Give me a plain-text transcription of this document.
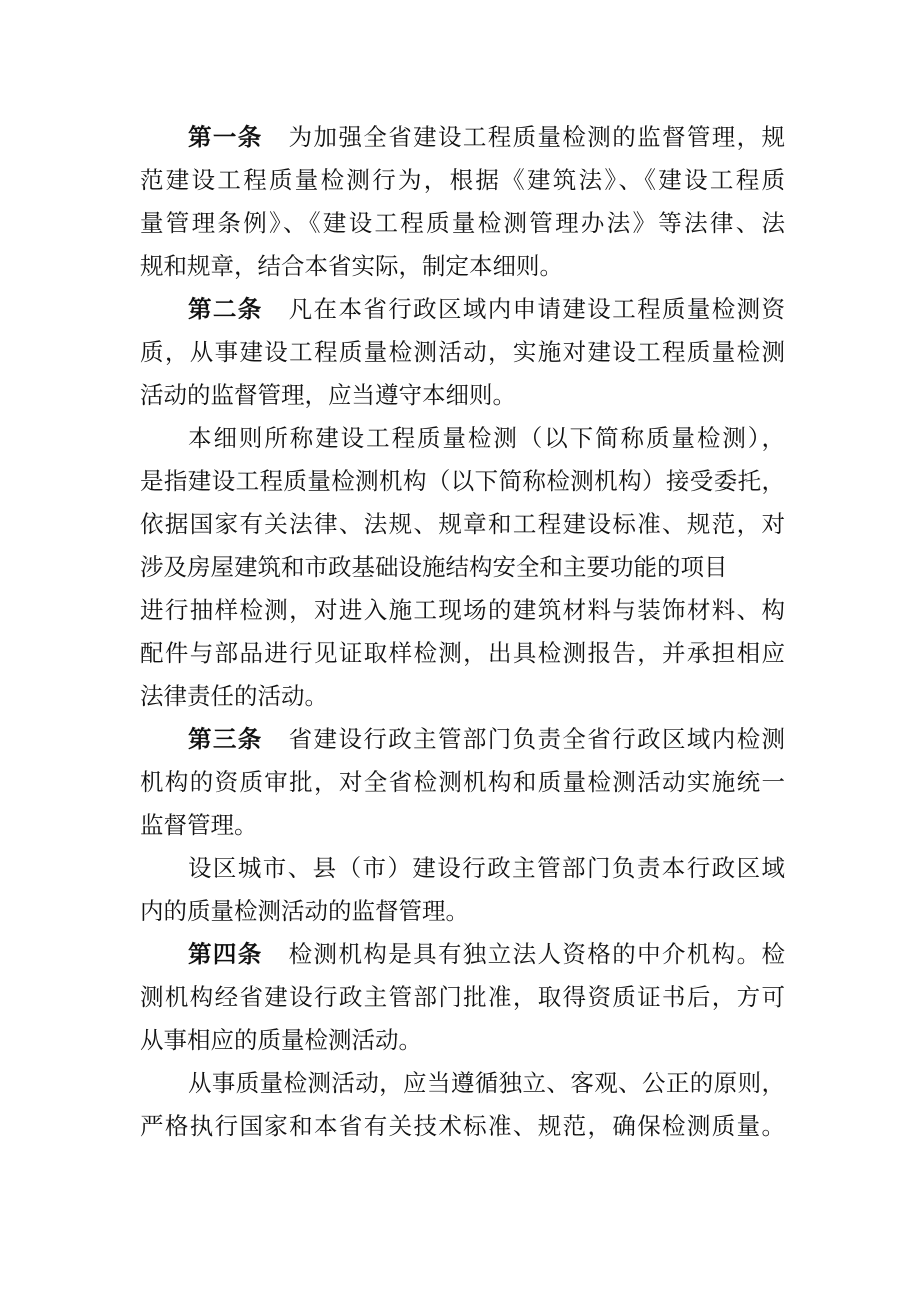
第一条 为加强全省建设工程质量检测的监督管理，规
范建设工程质量检测行为，根据《建筑法》、《建设工程质
量管理条例》、《建设工程质量检测管理办法》等法律、法
规和规章，结合本省实际，制定本细则。
第二条 凡在本省行政区域内申请建设工程质量检测资
质，从事建设工程质量检测活动，实施对建设工程质量检测
活动的监督管理，应当遵守本细则。
本细则所称建设工程质量检测（以下简称质量检测），
是指建设工程质量检测机构（以下简称检测机构）接受委托，
依据国家有关法律、法规、规章和工程建设标准、规范，对
涉及房屋建筑和市政基础设施结构安全和主要功能的项目
进行抽样检测，对进入施工现场的建筑材料与装饰材料、构
配件与部品进行见证取样检测，出具检测报告，并承担相应
法律责任的活动。
第三条 省建设行政主管部门负责全省行政区域内检测
机构的资质审批，对全省检测机构和质量检测活动实施统一
监督管理。
设区城市、县（市）建设行政主管部门负责本行政区域
内的质量检测活动的监督管理。
第四条 检测机构是具有独立法人资格的中介机构。检
测机构经省建设行政主管部门批准，取得资质证书后，方可
从事相应的质量检测活动。
从事质量检测活动，应当遵循独立、客观、公正的原则，
严格执行国家和本省有关技术标准、规范，确保检测质量。
